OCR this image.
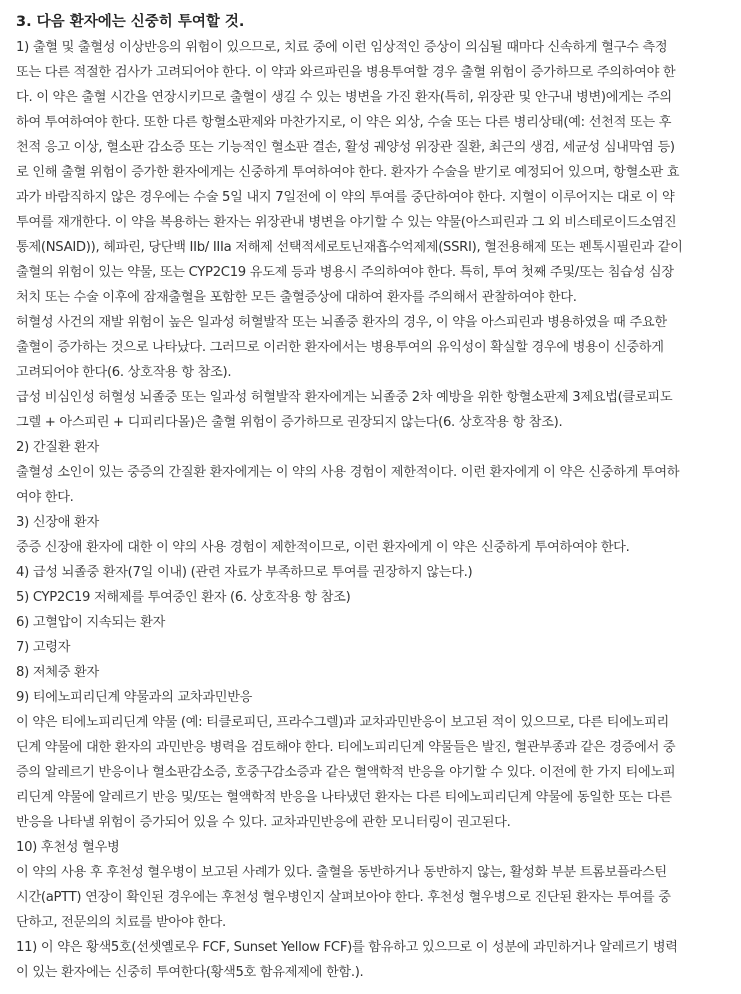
3. 다음 환자에는 신중히 투여할 것.
1) 출혈 및 출혈성 이상반응의 위험이 있으므로, 치료 중에 이런 임상적인 증상이 의심될 때마다 신속하게 혈구수 측정
또는 다른 적절한 검사가 고려되어야 한다. 이 약과 와르파린을 병용투여할 경우 출혈 위험이 증가하므로 주의하여야 한
다. 이 약은 출혈 시간을 연장시키므로 출혈이 생길 수 있는 병변을 가진 환자(특히, 위장관 및 안구내 병변)에게는 주의
하여 투여하여야 한다. 또한 다른 항혈소판제와 마찬가지로, 이 약은 외상, 수술 또는 다른 병리상태(예: 선천적 또는 후
천적 응고 이상, 혈소판 감소증 또는 기능적인 혈소판 결손, 활성 궤양성 위장관 질환, 최근의 생검, 세균성 심내막염 등)
로 인해 출혈 위험이 증가한 환자에게는 신중하게 투여하여야 한다. 환자가 수술을 받기로 예정되어 있으며, 항혈소판 효
과가 바람직하지 않은 경우에는 수술 5일 내지 7일전에 이 약의 투여를 중단하여야 한다. 지혈이 이루어지는 대로 이 약
투여를 재개한다. 이 약을 복용하는 환자는 위장관내 병변을 야기할 수 있는 약물(아스피린과 그 외 비스테로이드소염진
통제(NSAID)), 헤파린, 당단백 IIb/ IIIa 저해제 선택적세로토닌재흡수억제제(SSRI), 혈전용해제 또는 펜톡시필린과 같이
출혈의 위험이 있는 약물, 또는 CYP2C19 유도제 등과 병용시 주의하여야 한다. 특히, 투여 첫째 주및/또는 침습성 심장
처치 또는 수술 이후에 잠재출혈을 포함한 모든 출혈증상에 대하여 환자를 주의해서 관찰하여야 한다.
허혈성 사건의 재발 위험이 높은 일과성 허혈발작 또는 뇌졸중 환자의 경우, 이 약을 아스피린과 병용하였을 때 주요한
출혈이 증가하는 것으로 나타났다. 그러므로 이러한 환자에서는 병용투여의 유익성이 확실할 경우에 병용이 신중하게
고려되어야 한다(6. 상호작용 항 참조).
급성 비심인성 허혈성 뇌졸중 또는 일과성 허혈발작 환자에게는 뇌졸중 2차 예방을 위한 항혈소판제 3제요법(클로피도
그렐 + 아스피린 + 디피리다몰)은 출혈 위험이 증가하므로 권장되지 않는다(6. 상호작용 항 참조).
2) 간질환 환자
출혈성 소인이 있는 중증의 간질환 환자에게는 이 약의 사용 경험이 제한적이다. 이런 환자에게 이 약은 신중하게 투여하
여야 한다.
3) 신장애 환자
중증 신장애 환자에 대한 이 약의 사용 경험이 제한적이므로, 이런 환자에게 이 약은 신중하게 투여하여야 한다.
4) 급성 뇌졸중 환자(7일 이내) (관련 자료가 부족하므로 투여를 권장하지 않는다.)
5) CYP2C19 저해제를 투여중인 환자 (6. 상호작용 항 참조)
6) 고혈압이 지속되는 환자
7) 고령자
8) 저체중 환자
9) 티에노피리딘계 약물과의 교차과민반응
이 약은 티에노피리딘계 약물 (예: 티클로피딘, 프라수그렐)과 교차과민반응이 보고된 적이 있으므로, 다른 티에노피리
딘계 약물에 대한 환자의 과민반응 병력을 검토해야 한다. 티에노피리딘계 약물들은 발진, 혈관부종과 같은 경증에서 중
증의 알레르기 반응이나 혈소판감소증, 호중구감소증과 같은 혈액학적 반응을 야기할 수 있다. 이전에 한 가지 티에노피
리딘계 약물에 알레르기 반응 및/또는 혈액학적 반응을 나타냈던 환자는 다른 티에노피리딘계 약물에 동일한 또는 다른
반응을 나타낼 위험이 증가되어 있을 수 있다. 교차과민반응에 관한 모니터링이 권고된다.
10) 후천성 혈우병
이 약의 사용 후 후천성 혈우병이 보고된 사례가 있다. 출혈을 동반하거나 동반하지 않는, 활성화 부분 트롬보플라스틴
시간(aPTT) 연장이 확인된 경우에는 후천성 혈우병인지 살펴보아야 한다. 후천성 혈우병으로 진단된 환자는 투여를 중
단하고, 전문의의 치료를 받아야 한다.
11) 이 약은 황색5호(선셋옐로우 FCF, Sunset Yellow FCF)를 함유하고 있으므로 이 성분에 과민하거나 알레르기 병력
이 있는 환자에는 신중히 투여한다(황색5호 함유제제에 한함.).
